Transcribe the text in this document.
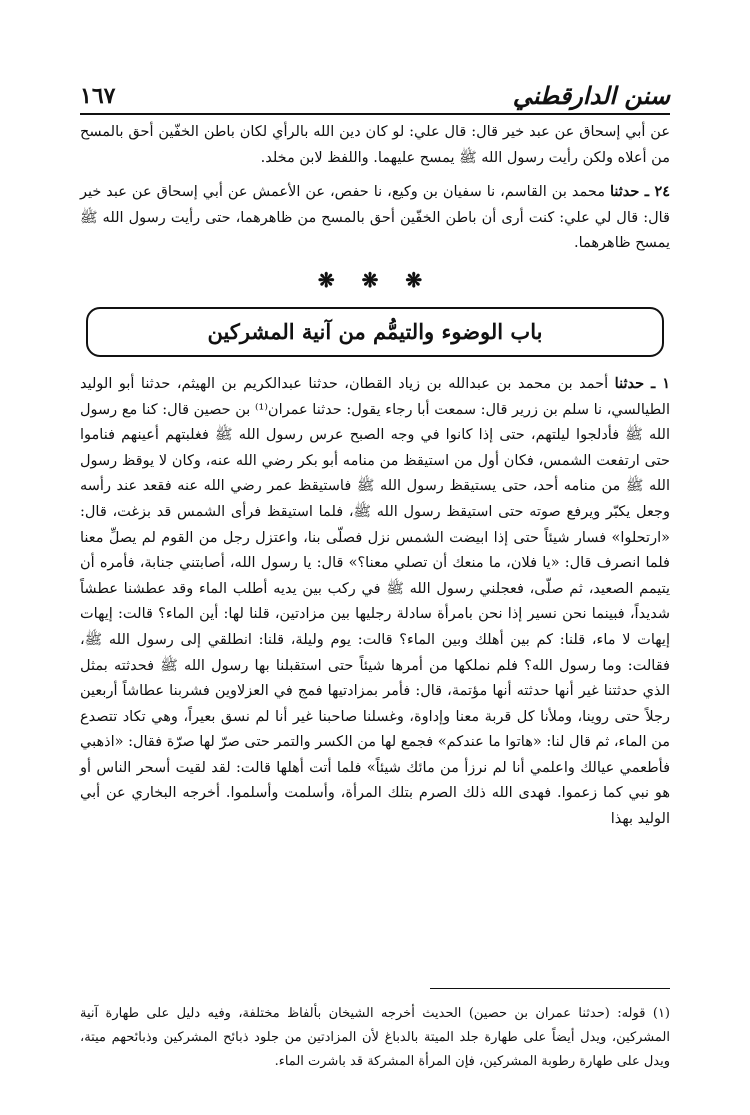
سنن الدارقطني
١٦٧

عن أبي إسحاق عن عبد خير قال: قال علي: لو كان دين الله بالرأي لكان باطن الخفّين أحق بالمسح من أعلاه ولكن رأيت رسول الله ﷺ يمسح عليهما. واللفظ لابن مخلد.

٢٤ ـ حدثنا محمد بن القاسم، نا سفيان بن وكيع، نا حفص، عن الأعمش عن أبي إسحاق عن عبد خير قال: قال لي علي: كنت أرى أن باطن الخفّين أحق بالمسح من ظاهرهما، حتى رأيت رسول الله ﷺ يمسح ظاهرهما.

❋ ❋ ❋
باب الوضوء والتيمُّم من آنية المشركين

١ ـ حدثنا أحمد بن محمد بن عبدالله بن زياد القطان، حدثنا عبدالكريم بن الهيثم، حدثنا أبو الوليد الطيالسي، نا سلم بن زرير قال: سمعت أبا رجاء يقول: حدثنا عمران⁽¹⁾ بن حصين قال: كنا مع رسول الله ﷺ فأدلجوا ليلتهم، حتى إذا كانوا في وجه الصبح عرس رسول الله ﷺ فغلبتهم أعينهم فناموا حتى ارتفعت الشمس، فكان أول من استيقظ من منامه أبو بكر رضي الله عنه، وكان لا يوقظ رسول الله ﷺ من منامه أحد، حتى يستيقظ رسول الله ﷺ فاستيقظ عمر رضي الله عنه فقعد عند رأسه وجعل يكبّر ويرفع صوته حتى استيقظ رسول الله ﷺ، فلما استيقظ فرأى الشمس قد بزغت، قال: «ارتحلوا» فسار شيئاً حتى إذا ابيضت الشمس نزل فصلّى بنا، واعتزل رجل من القوم لم يصلِّ معنا فلما انصرف قال: «يا فلان، ما منعك أن تصلي معنا؟» قال: يا رسول الله، أصابتني جنابة، فأمره أن يتيمم الصعيد، ثم صلّى، فعجلني رسول الله ﷺ في ركب بين يديه أطلب الماء وقد عطشنا عطشاً شديداً، فبينما نحن نسير إذا نحن بامرأة سادلة رجليها بين مزادتين، قلنا لها: أين الماء؟ قالت: إيهات إيهات لا ماء، قلنا: كم بين أهلك وبين الماء؟ قالت: يوم وليلة، قلنا: انطلقي إلى رسول الله ﷺ، فقالت: وما رسول الله؟ فلم نملكها من أمرها شيئاً حتى استقبلنا بها رسول الله ﷺ فحدثته بمثل الذي حدثتنا غير أنها حدثته أنها مؤتمة، قال: فأمر بمزادتيها فمج في العزلاوين فشربنا عطاشاً أربعين رجلاً حتى روينا، وملأنا كل قربة معنا وإداوة، وغسلنا صاحبنا غير أنا لم نسق بعيراً، وهي تكاد تتصدع من الماء، ثم قال لنا: «هاتوا ما عندكم» فجمع لها من الكسر والتمر حتى صرّ لها صرّة فقال: «اذهبي فأطعمي عيالك واعلمي أنا لم نرزأ من مائك شيئاً» فلما أتت أهلها قالت: لقد لقيت أسحر الناس أو هو نبي كما زعموا. فهدى الله ذلك الصرم بتلك المرأة، وأسلمت وأسلموا. أخرجه البخاري عن أبي الوليد بهذا

(١) قوله: (حدثنا عمران بن حصين) الحديث أخرجه الشيخان بألفاظ مختلفة، وفيه دليل على طهارة آنية المشركين، ويدل أيضاً على طهارة جلد الميتة بالدباغ لأن المزادتين من جلود ذبائح المشركين وذبائحهم ميتة، ويدل على طهارة رطوبة المشركين، فإن المرأة المشركة قد باشرت الماء.
